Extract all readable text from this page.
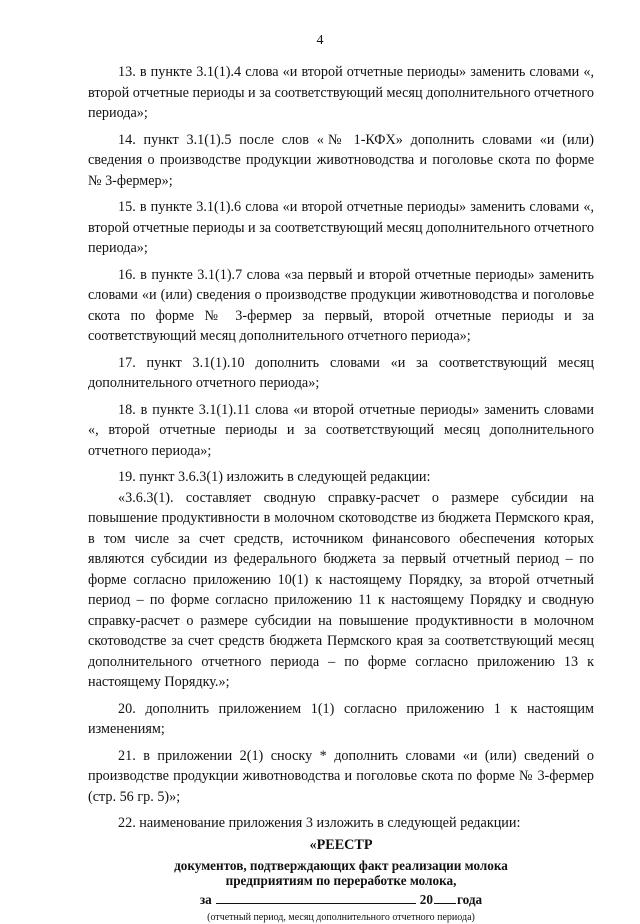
4

13. в пункте 3.1(1).4 слова «и второй отчетные периоды» заменить словами «, второй отчетные периоды и за соответствующий месяц дополнительного отчетного периода»;

14. пункт 3.1(1).5 после слов «№ 1-КФХ» дополнить словами «и (или) сведения о производстве продукции животноводства и поголовье скота по форме № 3-фермер»;

15. в пункте 3.1(1).6 слова «и второй отчетные периоды» заменить словами «, второй отчетные периоды и за соответствующий месяц дополнительного отчетного периода»;

16. в пункте 3.1(1).7 слова «за первый и второй отчетные периоды» заменить словами «и (или) сведения о производстве продукции животноводства и поголовье скота по форме № 3-фермер за первый, второй отчетные периоды и за соответствующий месяц дополнительного отчетного периода»;

17. пункт 3.1(1).10 дополнить словами «и за соответствующий месяц дополнительного отчетного периода»;

18. в пункте 3.1(1).11 слова «и второй отчетные периоды» заменить словами «, второй отчетные периоды и за соответствующий месяц дополнительного отчетного периода»;

19. пункт 3.6.3(1) изложить в следующей редакции:

«3.6.3(1). составляет сводную справку-расчет о размере субсидии на повышение продуктивности в молочном скотоводстве из бюджета Пермского края, в том числе за счет средств, источником финансового обеспечения которых являются субсидии из федерального бюджета за первый отчетный период – по форме согласно приложению 10(1) к настоящему Порядку, за второй отчетный период – по форме согласно приложению 11 к настоящему Порядку и сводную справку-расчет о размере субсидии на повышение продуктивности в молочном скотоводстве за счет средств бюджета Пермского края за соответствующий месяц дополнительного отчетного периода – по форме согласно приложению 13 к настоящему Порядку.»;

20. дополнить приложением 1(1) согласно приложению 1 к настоящим изменениям;

21. в приложении 2(1) сноску * дополнить словами «и (или) сведений о производстве продукции животноводства и поголовье скота по форме № 3-фермер (стр. 56 гр. 5)»;

22. наименование приложения 3 изложить в следующей редакции:

«РЕЕСТР
документов, подтверждающих факт реализации молока
предприятиям по переработке молока,
за	20 года
(отчетный период, месяц дополнительного отчетного периода)
